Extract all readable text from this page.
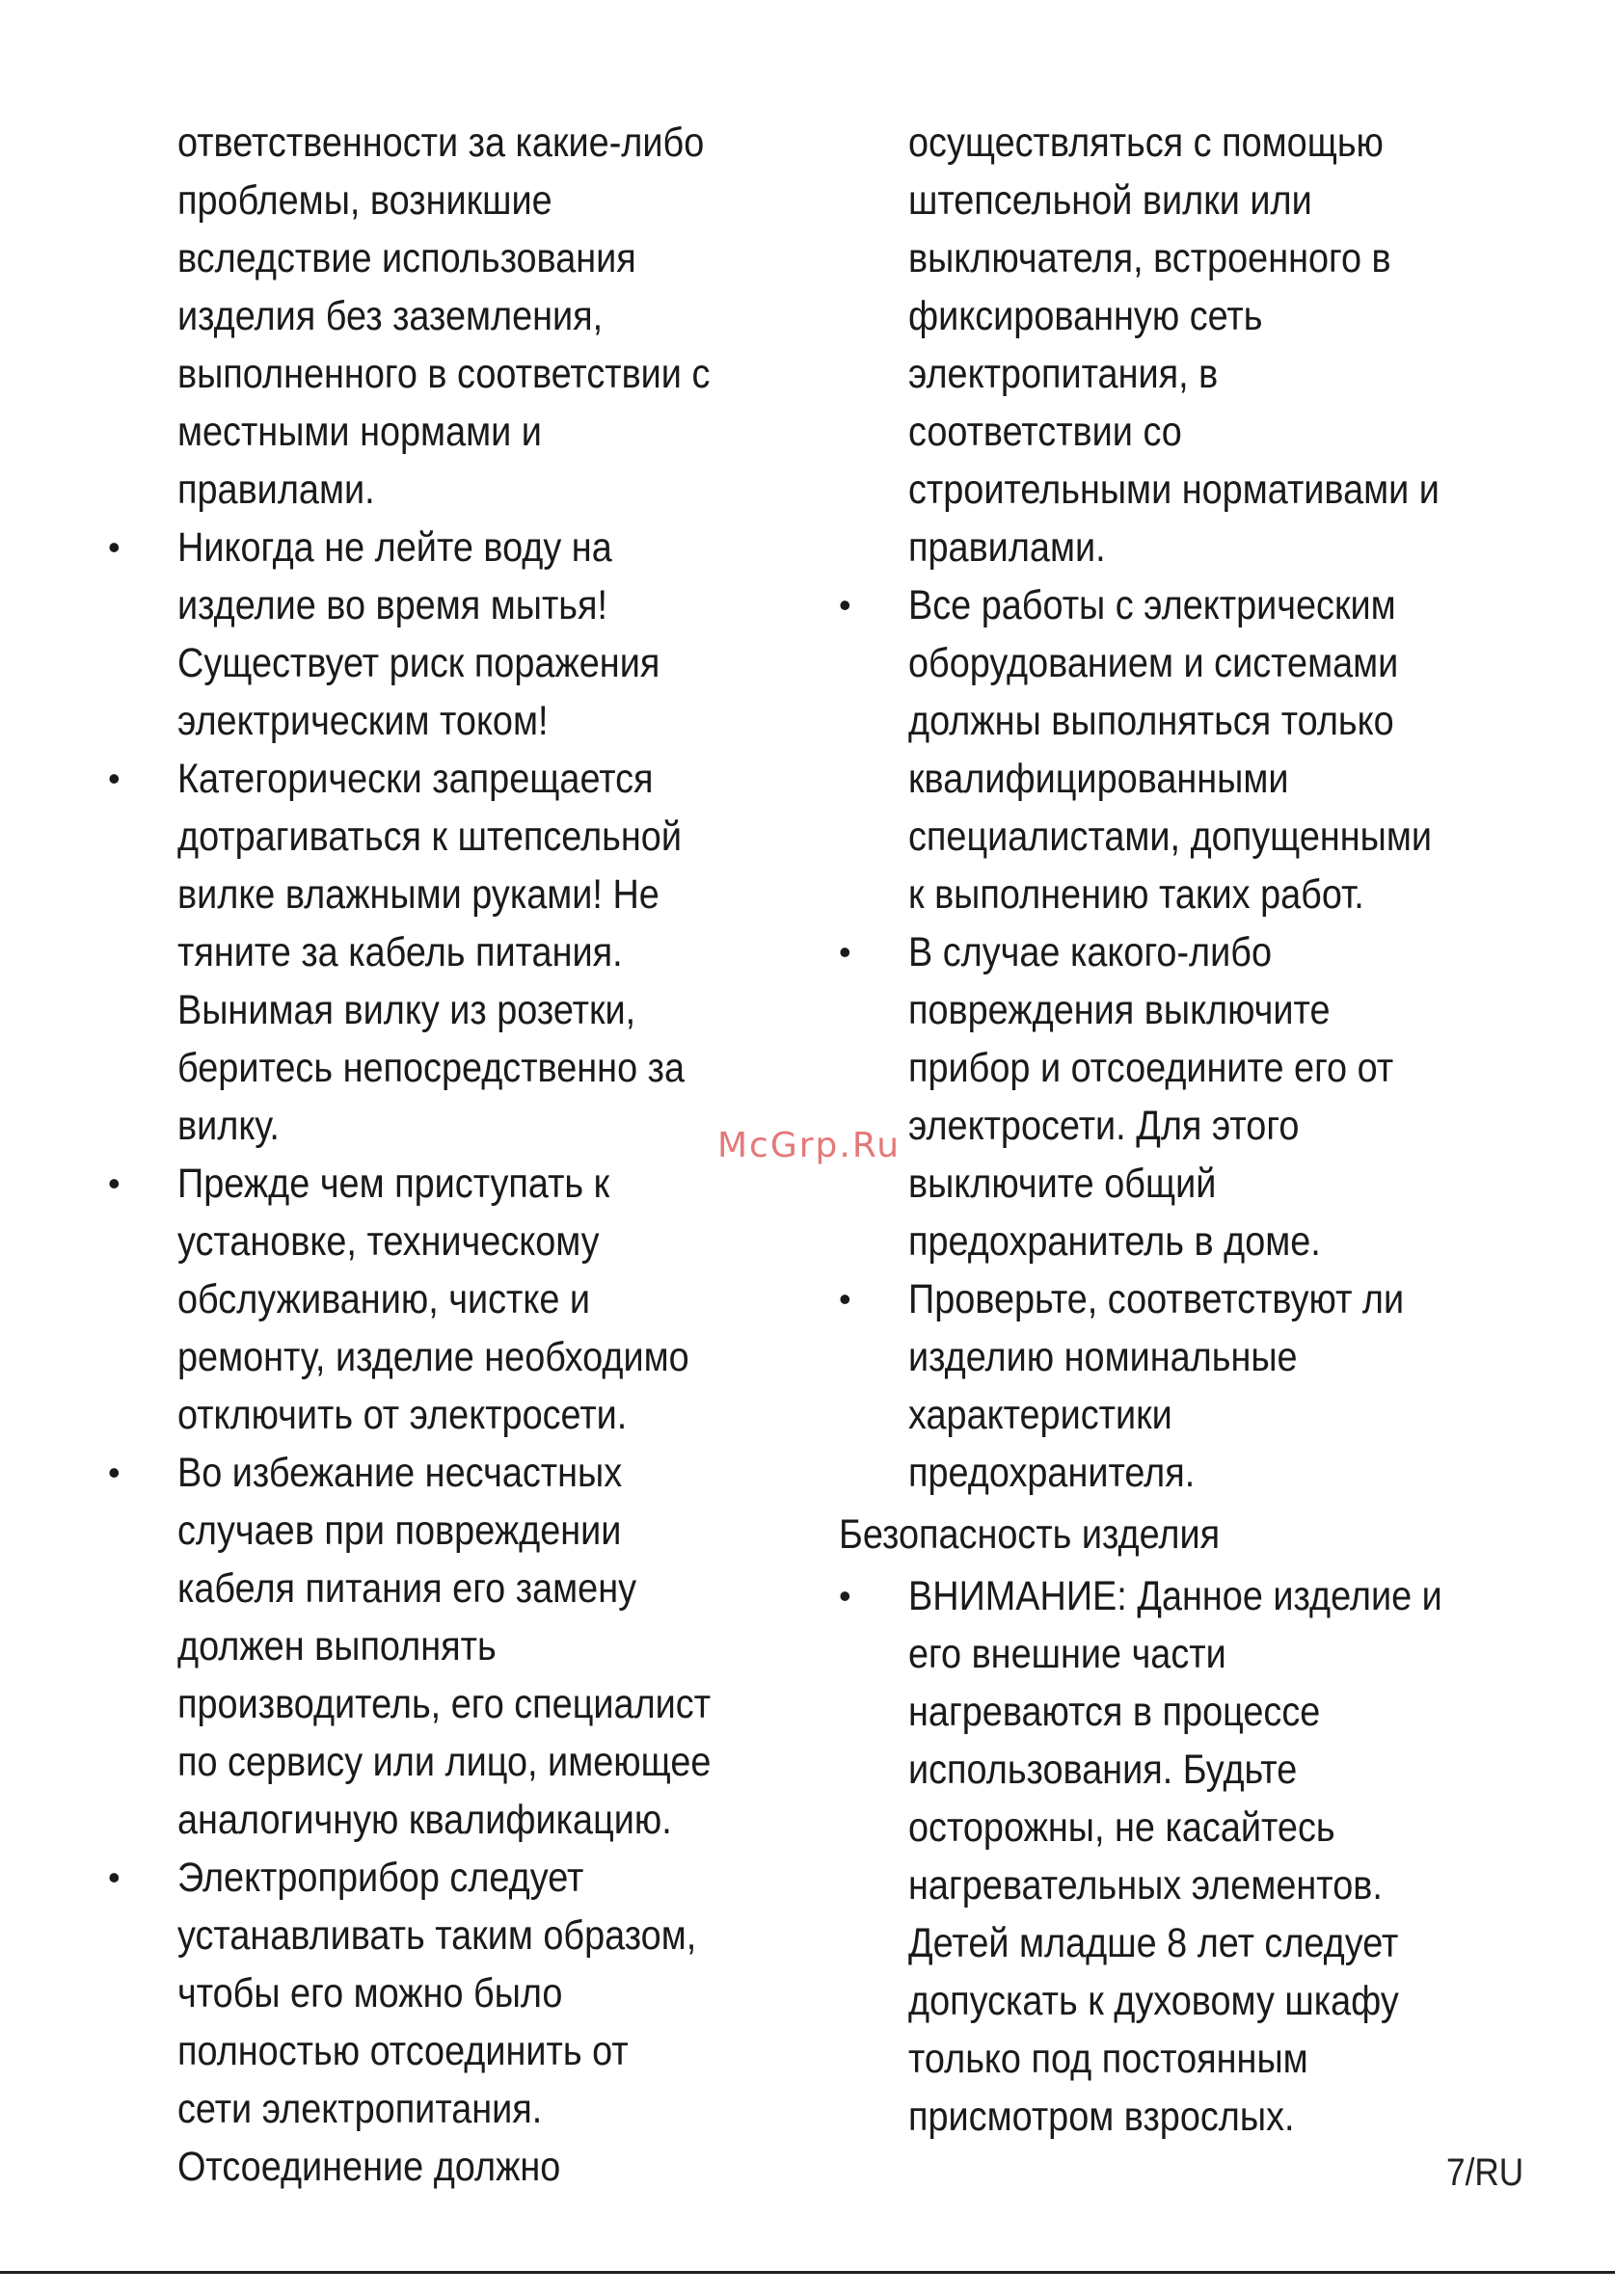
ответственности за какие-либо
проблемы, возникшие
вследствие использования
изделия без заземления,
выполненного в соответствии с
местными нормами и
правилами.
• Никогда не лейте воду на
изделие во время мытья!
Существует риск поражения
электрическим током!
• Категорически запрещается
дотрагиваться к штепсельной
вилке влажными руками! Не
тяните за кабель питания.
Вынимая вилку из розетки,
беритесь непосредственно за
вилку.
• Прежде чем приступать к
установке, техническому
обслуживанию, чистке и
ремонту, изделие необходимо
отключить от электросети.
• Во избежание несчастных
случаев при повреждении
кабеля питания его замену
должен выполнять
производитель, его специалист
по сервису или лицо, имеющее
аналогичную квалификацию.
• Электроприбор следует
устанавливать таким образом,
чтобы его можно было
полностью отсоединить от
сети электропитания.
Отсоединение должно
осуществляться с помощью
штепсельной вилки или
выключателя, встроенного в
фиксированную сеть
электропитания, в
соответствии со
строительными нормативами и
правилами.
• Все работы с электрическим
оборудованием и системами
должны выполняться только
квалифицированными
специалистами, допущенными
к выполнению таких работ.
• В случае какого-либо
повреждения выключите
прибор и отсоедините его от
электросети. Для этого
выключите общий
предохранитель в доме.
• Проверьте, соответствуют ли
изделию номинальные
характеристики
предохранителя.
Безопасность изделия
• ВНИМАНИЕ: Данное изделие и
его внешние части
нагреваются в процессе
использования. Будьте
осторожны, не касайтесь
нагревательных элементов.
Детей младше 8 лет следует
допускать к духовому шкафу
только под постоянным
присмотром взрослых.
McGrp.Ru
7/RU
